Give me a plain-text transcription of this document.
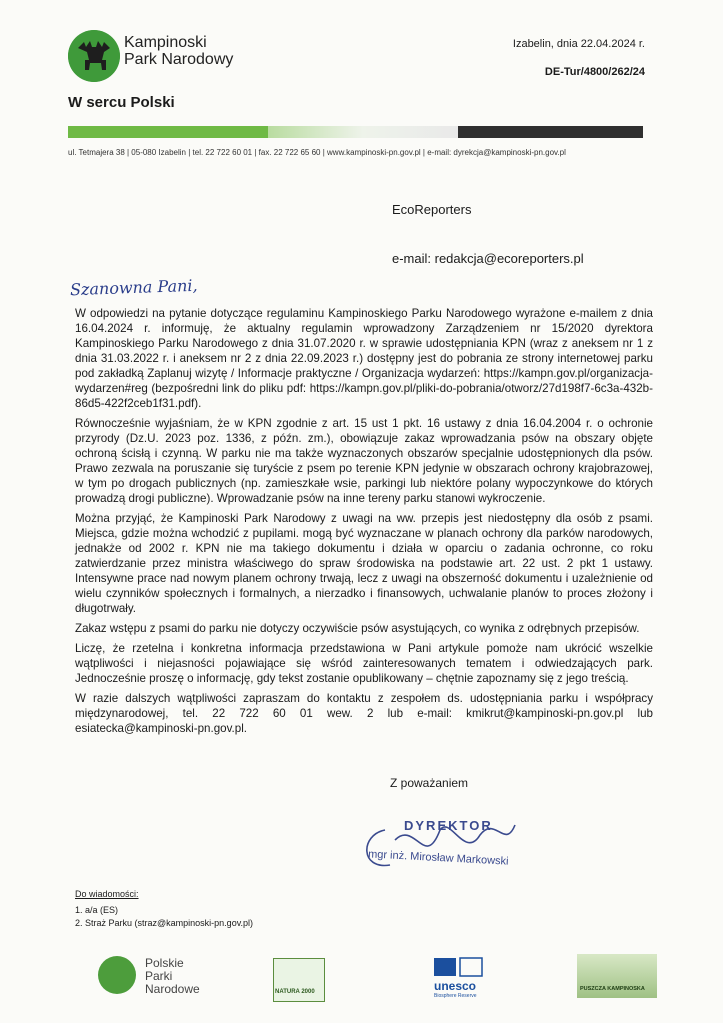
Kampinoski
Park Narodowy
W sercu Polski
Izabelin, dnia 22.04.2024 r.
DE-Tur/4800/262/24
ul. Tetmajera 38 | 05-080 Izabelin | tel. 22 722 60 01 | fax. 22 722 65 60 | www.kampinoski-pn.gov.pl | e-mail: dyrekcja@kampinoski-pn.gov.pl
EcoReporters
e-mail: redakcja@ecoreporters.pl
Szanowna Pani,

W odpowiedzi na pytanie dotyczące regulaminu Kampinoskiego Parku Narodowego wyrażone e-mailem z dnia 16.04.2024 r. informuję, że aktualny regulamin wprowadzony Zarządzeniem nr 15/2020 dyrektora Kampinoskiego Parku Narodowego z dnia 31.07.2020 r. w sprawie udostępniania KPN (wraz z aneksem nr 1 z dnia 31.03.2022 r. i aneksem nr 2 z dnia 22.09.2023 r.) dostępny jest do pobrania ze strony internetowej parku pod zakładką Zaplanuj wizytę / Informacje praktyczne / Organizacja wydarzeń: https://kampn.gov.pl/organizacja-wydarzen#reg (bezpośredni link do pliku pdf: https://kampn.gov.pl/pliki-do-pobrania/otworz/27d198f7-6c3a-432b-86d5-422f2ceb1f31.pdf).

Równocześnie wyjaśniam, że w KPN zgodnie z art. 15 ust 1 pkt. 16 ustawy z dnia 16.04.2004 r. o ochronie przyrody (Dz.U. 2023 poz. 1336, z późn. zm.), obowiązuje zakaz wprowadzania psów na obszary objęte ochroną ścisłą i czynną. W parku nie ma także wyznaczonych obszarów specjalnie udostępnionych dla psów. Prawo zezwala na poruszanie się turyście z psem po terenie KPN jedynie w obszarach ochrony krajobrazowej, w tym po drogach publicznych (np. zamieszkałe wsie, parkingi lub niektóre polany wypoczynkowe do których prowadzą drogi publiczne). Wprowadzanie psów na inne tereny parku stanowi wykroczenie.

Można przyjąć, że Kampinoski Park Narodowy z uwagi na ww. przepis jest niedostępny dla osób z psami. Miejsca, gdzie można wchodzić z pupilami. mogą być wyznaczane w planach ochrony dla parków narodowych, jednakże od 2002 r. KPN nie ma takiego dokumentu i działa w oparciu o zadania ochronne, co roku zatwierdzanie przez ministra właściwego do spraw środowiska na podstawie art. 22 ust. 2 pkt 1 ustawy. Intensywne prace nad nowym planem ochrony trwają, lecz z uwagi na obszerność dokumentu i uzależnienie od wielu czynników społecznych i formalnych, a nierzadko i finansowych, uchwalanie planów to proces złożony i długotrwały.

Zakaz wstępu z psami do parku nie dotyczy oczywiście psów asystujących, co wynika z odrębnych przepisów.

Liczę, że rzetelna i konkretna informacja przedstawiona w Pani artykule pomoże nam ukrócić wszelkie wątpliwości i niejasności pojawiające się wśród zainteresowanych tematem i odwiedzających park. Jednocześnie proszę o informację, gdy tekst zostanie opublikowany – chętnie zapoznamy się z jego treścią.

W razie dalszych wątpliwości zapraszam do kontaktu z zespołem ds. udostępniania parku i współpracy międzynarodowej, tel. 22 722 60 01 wew. 2 lub e-mail: kmikrut@kampinoski-pn.gov.pl lub esiatecka@kampinoski-pn.gov.pl.

Z poważaniem
DYREKTOR
mgr inż. Mirosław Markowski
Do wiadomości:
1. a/a (ES)
2. Straż Parku (straz@kampinoski-pn.gov.pl)
Polskie
Parki
Narodowe	NATURA 2000	unesco
Biosphere Reserve
PUSZCZA KAMPINOSKA
